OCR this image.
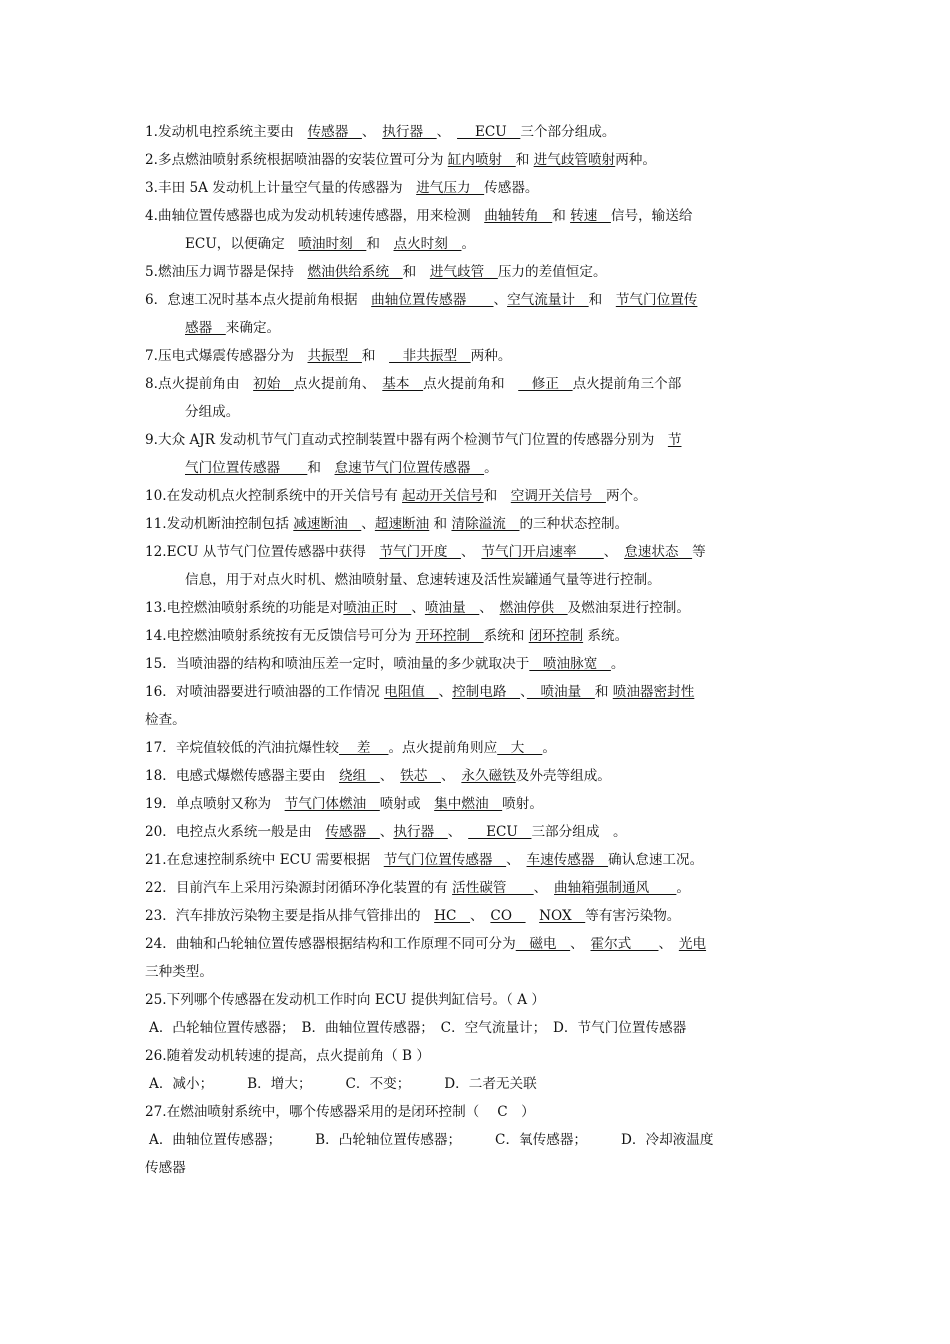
1.发动机电控系统主要由　传感器　、　执行器　、　　 ECU　三个部分组成。
2.多点燃油喷射系统根据喷油器的安装位置可分为 缸内喷射　和 进气歧管喷射两种。
3.丰田 5A 发动机上计量空气量的传感器为　进气压力　传感器。
4.曲轴位置传感器也成为发动机转速传感器，用来检测　曲轴转角　和 转速　信号，输送给
ECU，以便确定　喷油时刻　和　点火时刻　。
5.燃油压力调节器是保持　燃油供给系统　和　进气歧管　压力的差值恒定。
6．怠速工况时基本点火提前角根据　曲轴位置传感器　　、空气流量计　和　节气门位置传
感器　来确定。
7.压电式爆震传感器分为　共振型　和　　非共振型　两种。
8.点火提前角由　初始　点火提前角、　基本　点火提前角和　　修正　点火提前角三个部
分组成。
9.大众 AJR 发动机节气门直动式控制装置中器有两个检测节气门位置的传感器分别为　节
气门位置传感器　　和　怠速节气门位置传感器　。
10.在发动机点火控制系统中的开关信号有 起动开关信号和　空调开关信号　两个。
11.发动机断油控制包括 减速断油　、超速断油 和 清除溢流　的三种状态控制。
12.ECU 从节气门位置传感器中获得　节气门开度　、　节气门开启速率　　、　怠速状态　等
信息，用于对点火时机、燃油喷射量、怠速转速及活性炭罐通气量等进行控制。
13.电控燃油喷射系统的功能是对喷油正时　、喷油量　、　燃油停供　及燃油泵进行控制。
14.电控燃油喷射系统按有无反馈信号可分为 开环控制　系统和 闭环控制 系统。
15．当喷油器的结构和喷油压差一定时，喷油量的多少就取决于　喷油脉宽　。
16．对喷油器要进行喷油器的工作情况 电阻值　、控制电路　、　喷油量　和 喷油器密封性
检查。
17．辛烷值较低的汽油抗爆性较　 差　 。点火提前角则应　大　 。
18．电感式爆燃传感器主要由　绕组　、　铁芯　、　永久磁铁及外壳等组成。
19．单点喷射又称为　节气门体燃油　喷射或　集中燃油　喷射。
20．电控点火系统一般是由　传感器　、执行器　、　　 ECU　三部分组成　。
21.在怠速控制系统中 ECU 需要根据　节气门位置传感器　、　车速传感器　确认怠速工况。
22．目前汽车上采用污染源封闭循环净化装置的有 活性碳管　　、　曲轴箱强制通风　　。
23．汽车排放污染物主要是指从排气管排出的　HC　、　CO　　NOX　等有害污染物。
24．曲轴和凸轮轴位置传感器根据结构和工作原理不同可分为　磁电　、　霍尔式　　、　光电
三种类型。
25.下列哪个传感器在发动机工作时向 ECU 提供判缸信号。（ A ）
A．凸轮轴位置传感器；　B．曲轴位置传感器；　C．空气流量计；　D．节气门位置传感器
26.随着发动机转速的提高，点火提前角（ B ）
A．减小；　　　B．增大；　　　C．不变；　　　D．二者无关联
27.在燃油喷射系统中，哪个传感器采用的是闭环控制（　 C　）
A．曲轴位置传感器；　　　B．凸轮轴位置传感器；　　　C．氧传感器；　　　D．冷却液温度
传感器
